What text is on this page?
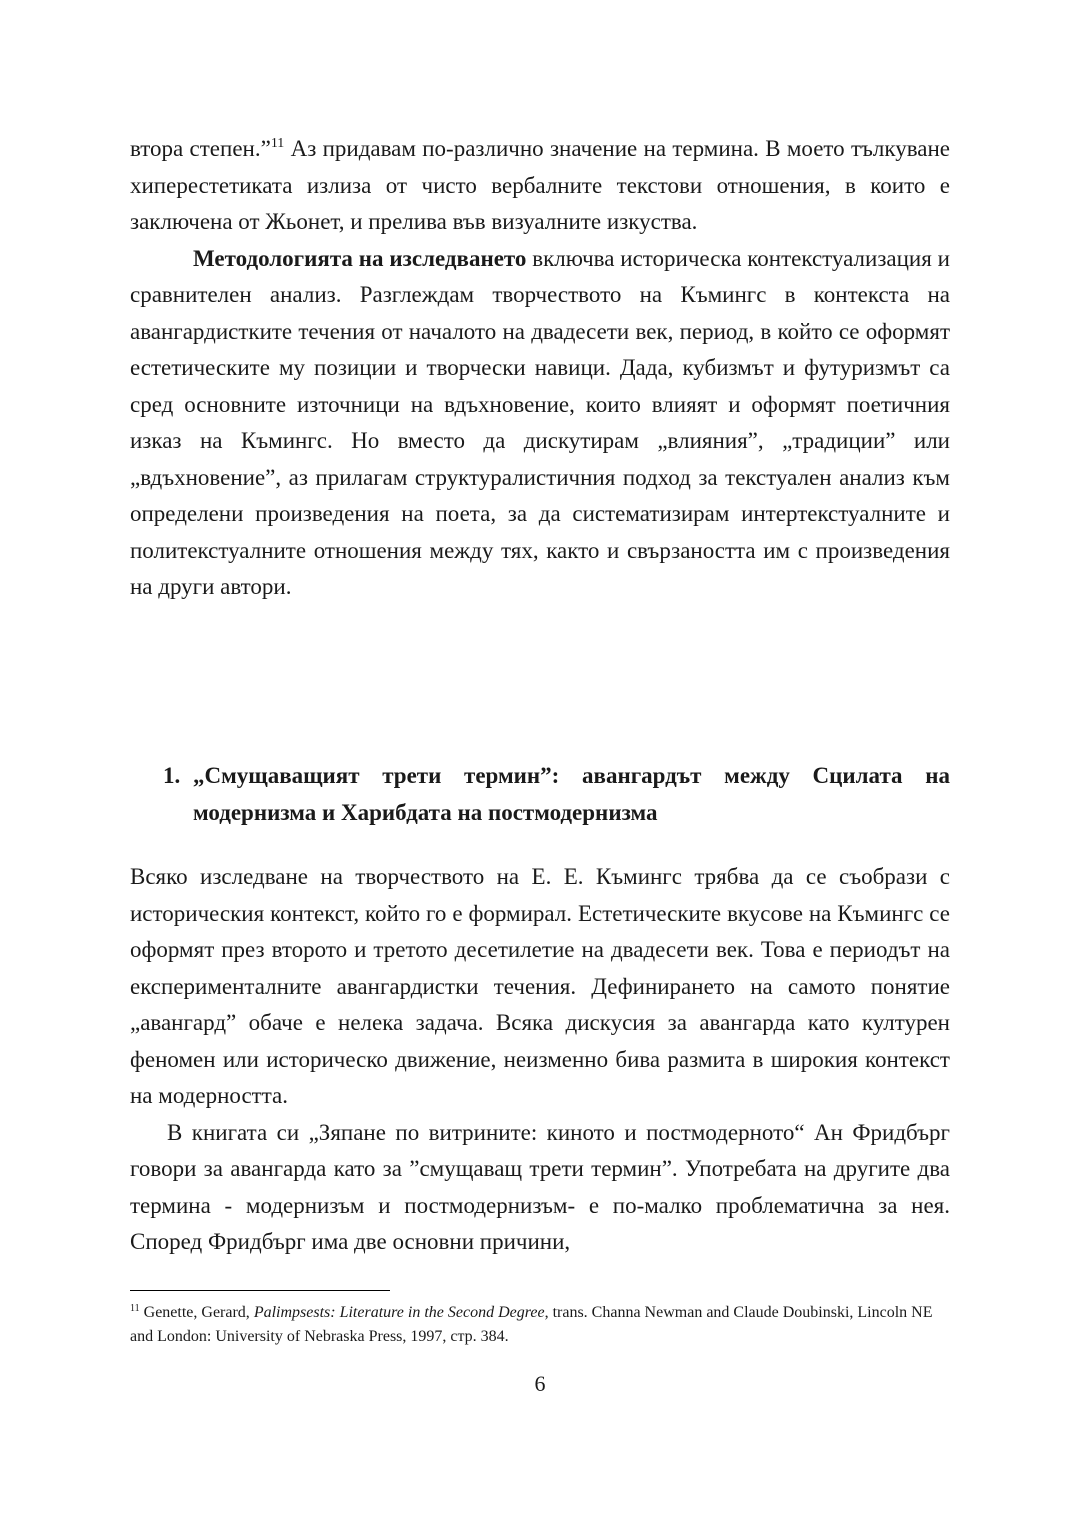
втора степен.”$^{11}$ Аз придавам по-различно значение на термина. В моето тълкуване хиперестетиката излиза от чисто вербалните текстови отношения, в които е заключена от Жьонет, и прелива във визуалните изкуства.

Методологията на изследването включва историческа контекстуализация и сравнителен анализ. Разглеждам творчеството на Къмингс в контекста на авангардистките течения от началото на двадесети век, период, в който се оформят естетическите му позиции и творчески навици. Дада, кубизмът и футуризмът са сред основните източници на вдъхновение, които влияят и оформят поетичния изказ на Къмингс. Но вместо да дискутирам „влияния”, „традиции” или „вдъхновение”, аз прилагам структуралистичния подход за текстуален анализ към определени произведения на поета, за да систематизирам интертекстуалните и политекстуалните отношения между тях, както и свързаността им с произведения на други автори.

1. „Смущаващият трети термин”: авангардът между Сцилата на модернизма и Харибдата на постмодернизма

Всяко изследване на творчеството на Е. Е. Къмингс трябва да се съобрази с историческия контекст, който го е формирал. Естетическите вкусове на Къмингс се оформят през второто и третото десетилетие на двадесети век. Това е периодът на експерименталните авангардистки течения. Дефинирането на самото понятие „авангард” обаче е нелека задача. Всяка дискусия за авангарда като културен феномен или историческо движение, неизменно бива размита в широкия контекст на модерността.

В книгата си „Зяпане по витрините: киното и постмодерното“ Ан Фридбърг говори за авангарда като за ”смущаващ трети термин”. Употребата на другите два термина - модернизъм и постмодернизъм- е по-малко проблематична за нея. Според Фридбърг има две основни причини,

$^{11}$ Genette, Gerard, Palimpsests: Literature in the Second Degree, trans. Channa Newman and Claude Doubinski, Lincoln NE and London: University of Nebraska Press, 1997, стр. 384.
6
